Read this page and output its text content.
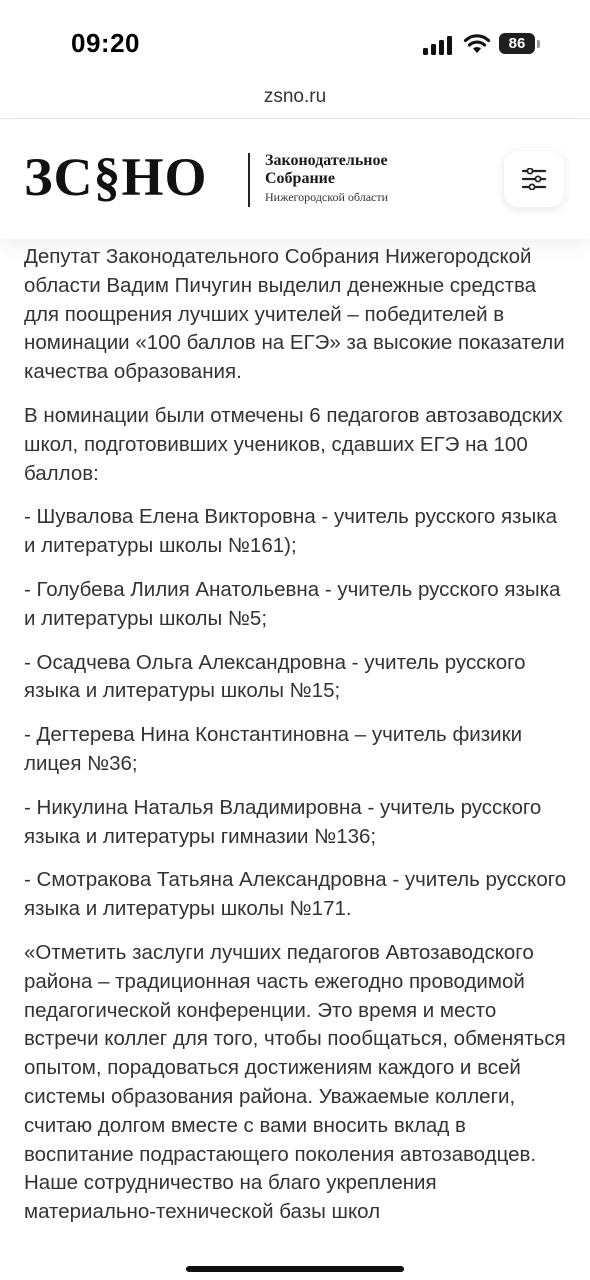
09:20	86
zsno.ru
ЗС§НО	Законодательное
Собрание
Нижегородской области

Депутат Законодательного Собрания Нижегородской области Вадим Пичугин выделил денежные средства для поощрения лучших учителей – победителей в номинации «100 баллов на ЕГЭ» за высокие показатели качества образования.

В номинации были отмечены 6 педагогов автозаводских школ, подготовивших учеников, сдавших ЕГЭ на 100 баллов:

- Шувалова Елена Викторовна - учитель русского языка и литературы школы №161);

- Голубева Лилия Анатольевна - учитель русского языка и литературы школы №5;

- Осадчева Ольга Александровна - учитель русского языка и литературы школы №15;

- Дегтерева Нина Константиновна – учитель физики лицея №36;

- Никулина Наталья Владимировна - учитель русского языка и литературы гимназии №136;

- Смотракова Татьяна Александровна - учитель русского языка и литературы школы №171.

«Отметить заслуги лучших педагогов Автозаводского района – традиционная часть ежегодно проводимой педагогической конференции. Это время и место встречи коллег для того, чтобы пообщаться, обменяться опытом, порадоваться достижениям каждого и всей системы образования района. Уважаемые коллеги, считаю долгом вместе с вами вносить вклад в воспитание подрастающего поколения автозаводцев. Наше сотрудничество на благо укрепления материально-технической базы школ
